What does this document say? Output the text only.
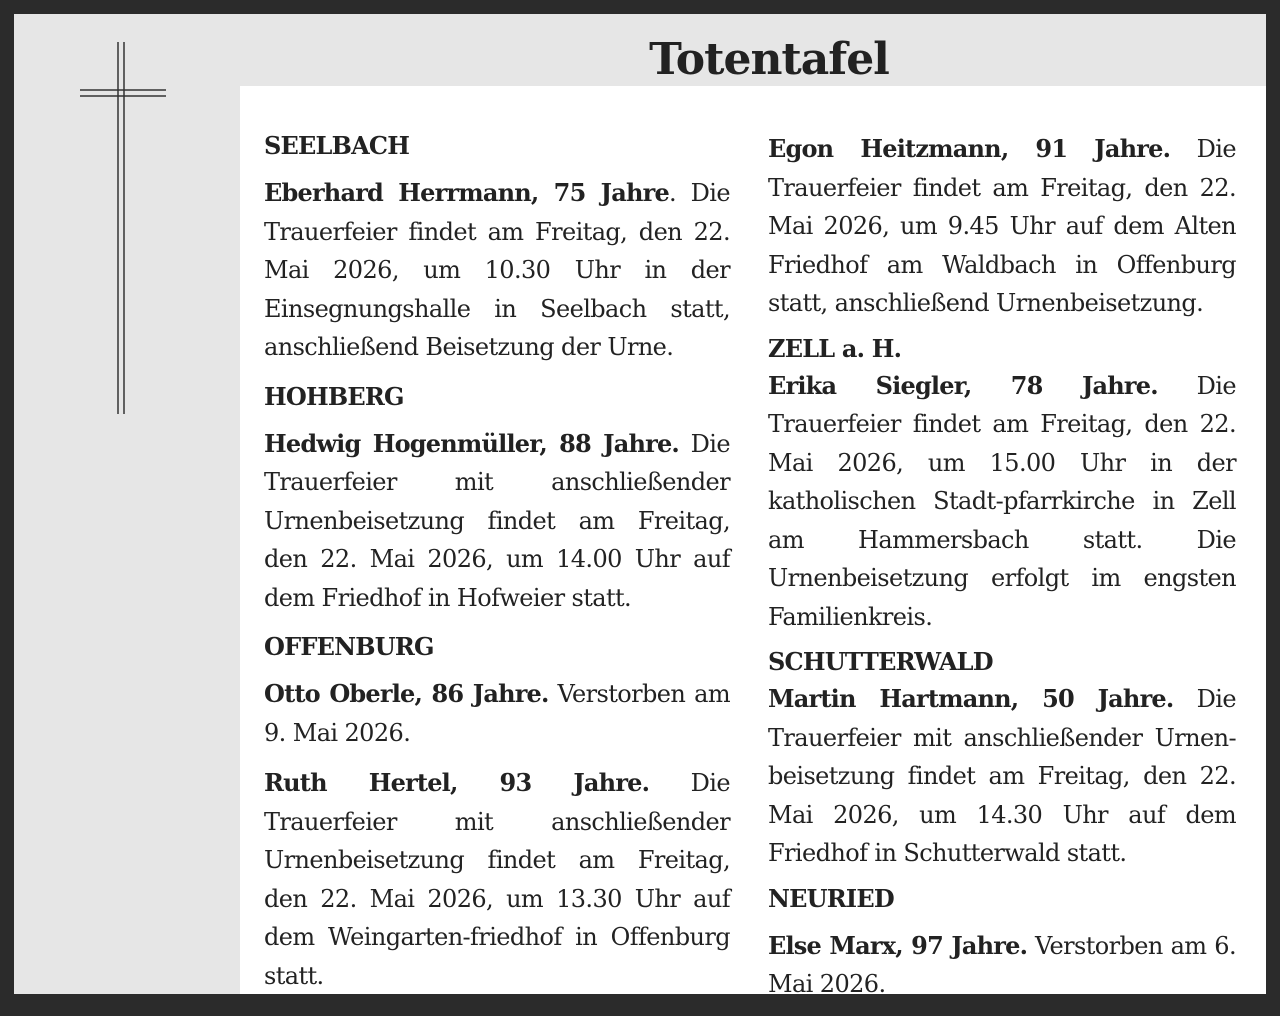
Totentafel

SEELBACH

Eberhard Herrmann, 75 Jahre. Die Trauerfeier findet am Freitag, den 22. Mai 2026, um 10.30 Uhr in der Einsegnungshalle in Seelbach statt, anschließend Beisetzung der Urne.

HOHBERG

Hedwig Hogenmüller, 88 Jahre. Die Trauerfeier mit anschließender Urnenbeisetzung findet am Freitag, den 22. Mai 2026, um 14.00 Uhr auf dem Friedhof in Hofweier statt.

OFFENBURG

Otto Oberle, 86 Jahre. Verstorben am 9. Mai 2026.

Ruth Hertel, 93 Jahre. Die Trauerfeier mit anschließender Urnenbeisetzung findet am Freitag, den 22. Mai 2026, um 13.30 Uhr auf dem Weingarten-friedhof in Offenburg statt.

Egon Heitzmann, 91 Jahre. Die Trauerfeier findet am Freitag, den 22. Mai 2026, um 9.45 Uhr auf dem Alten Friedhof am Waldbach in Offenburg statt, anschließend Urnenbeisetzung.

ZELL a. H.

Erika Siegler, 78 Jahre. Die Trauerfeier findet am Freitag, den 22. Mai 2026, um 15.00 Uhr in der katholischen Stadt-pfarrkirche in Zell am Hammersbach statt. Die Urnenbeisetzung erfolgt im engsten Familienkreis.

SCHUTTERWALD

Martin Hartmann, 50 Jahre. Die Trauerfeier mit anschließender Urnen-beisetzung findet am Freitag, den 22. Mai 2026, um 14.30 Uhr auf dem Friedhof in Schutterwald statt.

NEURIED

Else Marx, 97 Jahre. Verstorben am 6. Mai 2026.
